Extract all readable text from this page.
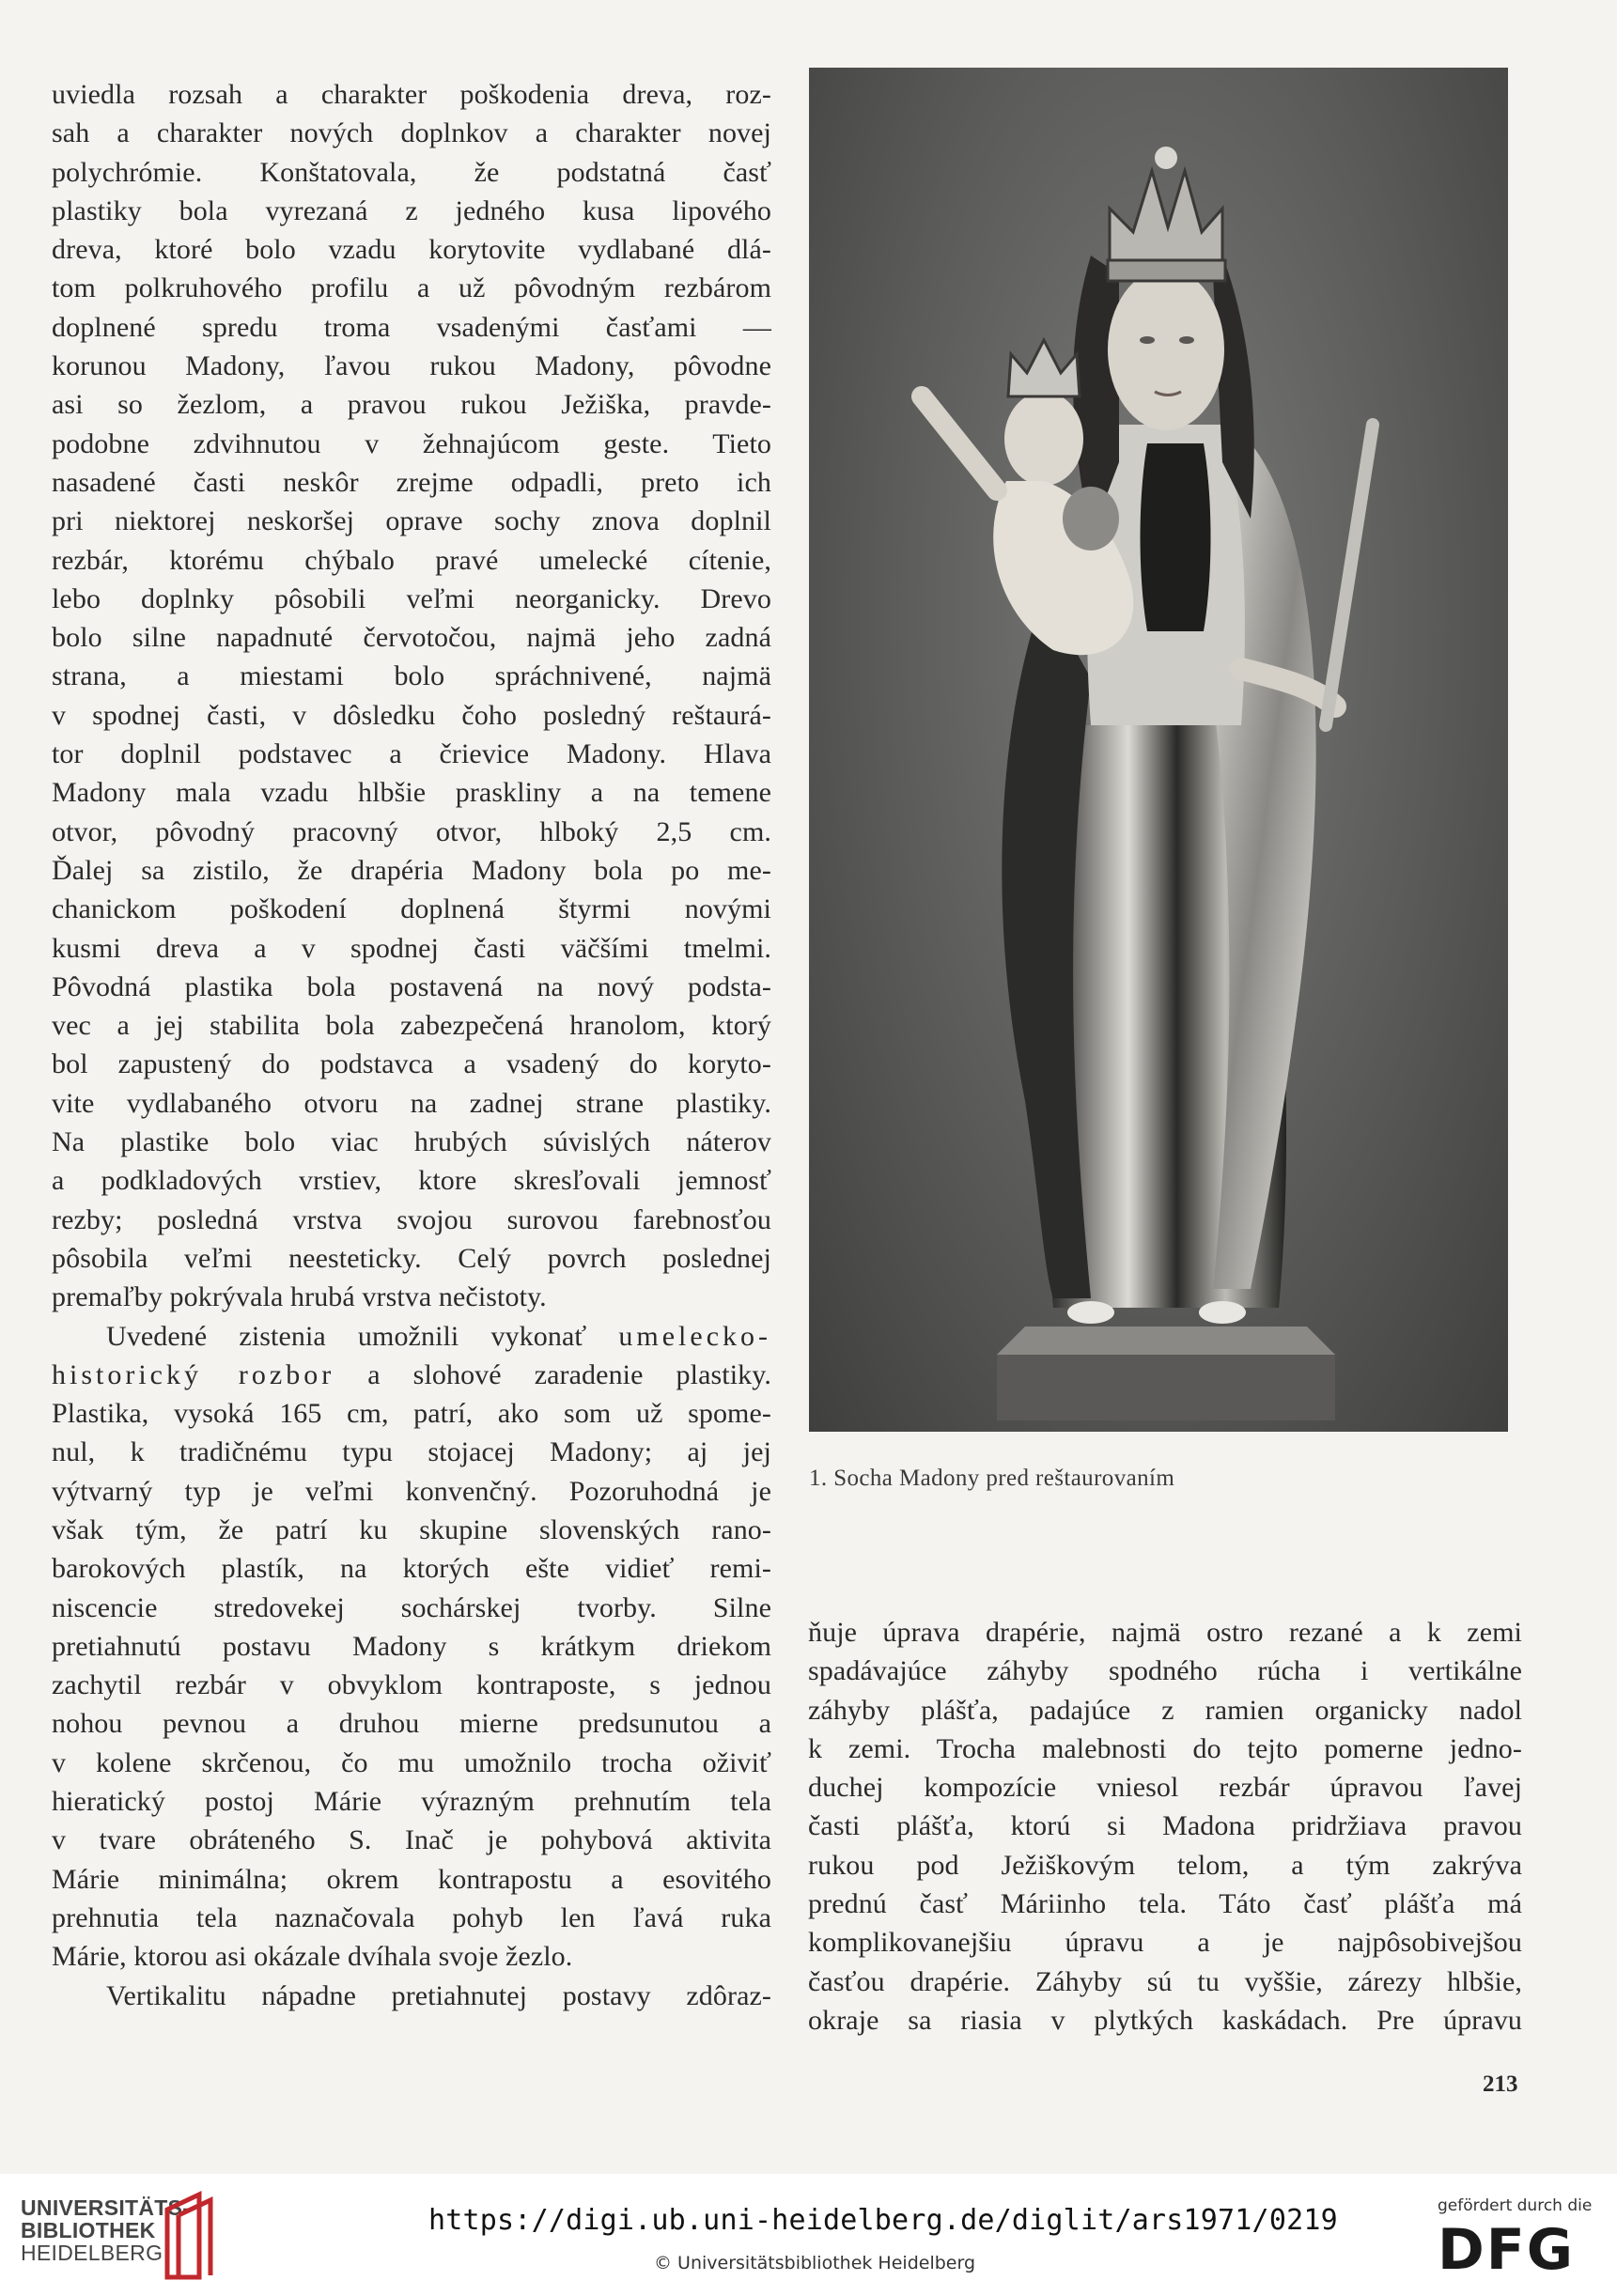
uviedla rozsah a charakter poškodenia dreva, roz-
sah a charakter nových doplnkov a charakter novej
polychrómie. Konštatovala, že podstatná časť
plastiky bola vyrezaná z jedného kusa lipového
dreva, ktoré bolo vzadu korytovite vydlabané dlá-
tom polkruhového profilu a už pôvodným rezbárom
doplnené spredu troma vsadenými časťami —
korunou Madony, ľavou rukou Madony, pôvodne
asi so žezlom, a pravou rukou Ježiška, pravde-
podobne zdvihnutou v žehnajúcom geste. Tieto
nasadené časti neskôr zrejme odpadli, preto ich
pri niektorej neskoršej oprave sochy znova doplnil
rezbár, ktorému chýbalo pravé umelecké cítenie,
lebo doplnky pôsobili veľmi neorganicky. Drevo
bolo silne napadnuté červotočou, najmä jeho zadná
strana, a miestami bolo spráchnivené, najmä
v spodnej časti, v dôsledku čoho posledný reštaurá-
tor doplnil podstavec a črievice Madony. Hlava
Madony mala vzadu hlbšie praskliny a na temene
otvor, pôvodný pracovný otvor, hlboký 2,5 cm.
Ďalej sa zistilo, že drapéria Madony bola po me-
chanickom poškodení doplnená štyrmi novými
kusmi dreva a v spodnej časti väčšími tmelmi.
Pôvodná plastika bola postavená na nový podsta-
vec a jej stabilita bola zabezpečená hranolom, ktorý
bol zapustený do podstavca a vsadený do koryto-
vite vydlabaného otvoru na zadnej strane plastiky.
Na plastike bolo viac hrubých súvislých náterov
a podkladových vrstiev, ktore skresľovali jemnosť
rezby; posledná vrstva svojou surovou farebnosťou
pôsobila veľmi neesteticky. Celý povrch poslednej
premaľby pokrývala hrubá vrstva nečistoty.
Uvedené zistenia umožnili vykonať umelecko-
historický rozbor a slohové zaradenie plastiky.
Plastika, vysoká 165 cm, patrí, ako som už spome-
nul, k tradičnému typu stojacej Madony; aj jej
výtvarný typ je veľmi konvenčný. Pozoruhodná je
však tým, že patrí ku skupine slovenských rano-
barokových plastík, na ktorých ešte vidieť remi-
niscencie stredovekej sochárskej tvorby. Silne
pretiahnutú postavu Madony s krátkym driekom
zachytil rezbár v obvyklom kontraposte, s jednou
nohou pevnou a druhou mierne predsunutou a
v kolene skrčenou, čo mu umožnilo trocha oživiť
hieratický postoj Márie výrazným prehnutím tela
v tvare obráteného S. Inač je pohybová aktivita
Márie minimálna; okrem kontrapostu a esovitého
prehnutia tela naznačovala pohyb len ľavá ruka
Márie, ktorou asi okázale dvíhala svoje žezlo.
Vertikalitu nápadne pretiahnutej postavy zdôraz-
1. Socha Madony pred reštaurovaním
ňuje úprava drapérie, najmä ostro rezané a k zemi
spadávajúce záhyby spodného rúcha i vertikálne
záhyby plášťa, padajúce z ramien organicky nadol
k zemi. Trocha malebnosti do tejto pomerne jedno-
duchej kompozície vniesol rezbár úpravou ľavej
časti plášťa, ktorú si Madona pridržiava pravou
rukou pod Ježiškovým telom, a tým zakrýva
prednú časť Máriinho tela. Táto časť plášťa má
komplikovanejšiu úpravu a je najpôsobivejšou
časťou drapérie. Záhyby sú tu vyššie, zárezy hlbšie,
okraje sa riasia v plytkých kaskádach. Pre úpravu
213
UNIVERSITÄTS-
BIBLIOTHEK
HEIDELBERG
https://digi.ub.uni-heidelberg.de/diglit/ars1971/0219
© Universitätsbibliothek Heidelberg
gefördert durch die
DFG
